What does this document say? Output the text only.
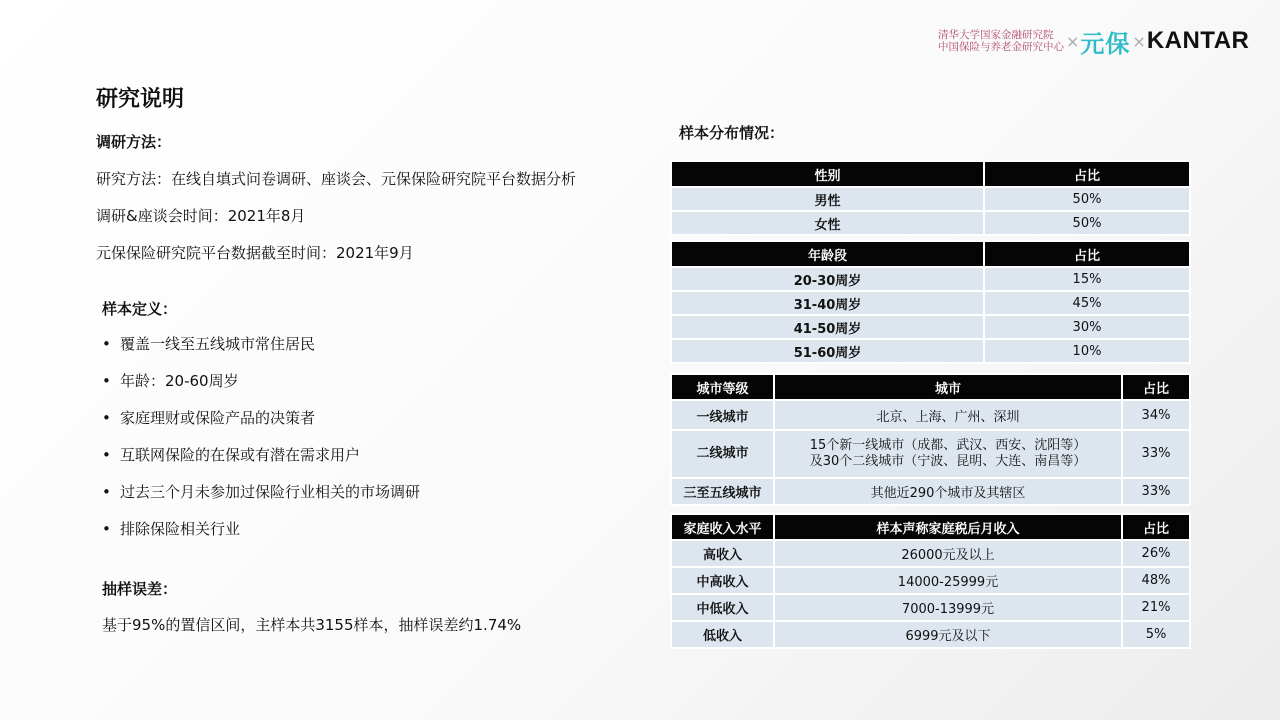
清华大学国家金融研究院
中国保险与养老金研究中心 × 元保 × KANTAR
研究说明
调研方法：
研究方法：在线自填式问卷调研、座谈会、元保保险研究院平台数据分析
调研&座谈会时间：2021年8月
元保保险研究院平台数据截至时间：2021年9月
样本定义：
• 覆盖一线至五线城市常住居民
• 年龄：20-60周岁
• 家庭理财或保险产品的决策者
• 互联网保险的在保或有潜在需求用户
• 过去三个月未参加过保险行业相关的市场调研
• 排除保险相关行业
抽样误差：
基于95%的置信区间，主样本共3155样本，抽样误差约1.74%
样本分布情况：
性别	占比
男性	50%
女性	50%
年龄段	占比
20-30周岁	15%
31-40周岁	45%
41-50周岁	30%
51-60周岁	10%
城市等级	城市	占比
一线城市	北京、上海、广州、深圳	34%
二线城市	15个新一线城市（成都、武汉、西安、沈阳等）
及30个二线城市（宁波、昆明、大连、南昌等）	33%
三至五线城市	其他近290个城市及其辖区	33%
家庭收入水平	样本声称家庭税后月收入	占比
高收入	26000元及以上	26%
中高收入	14000-25999元	48%
中低收入	7000-13999元	21%
低收入	6999元及以下	5%
